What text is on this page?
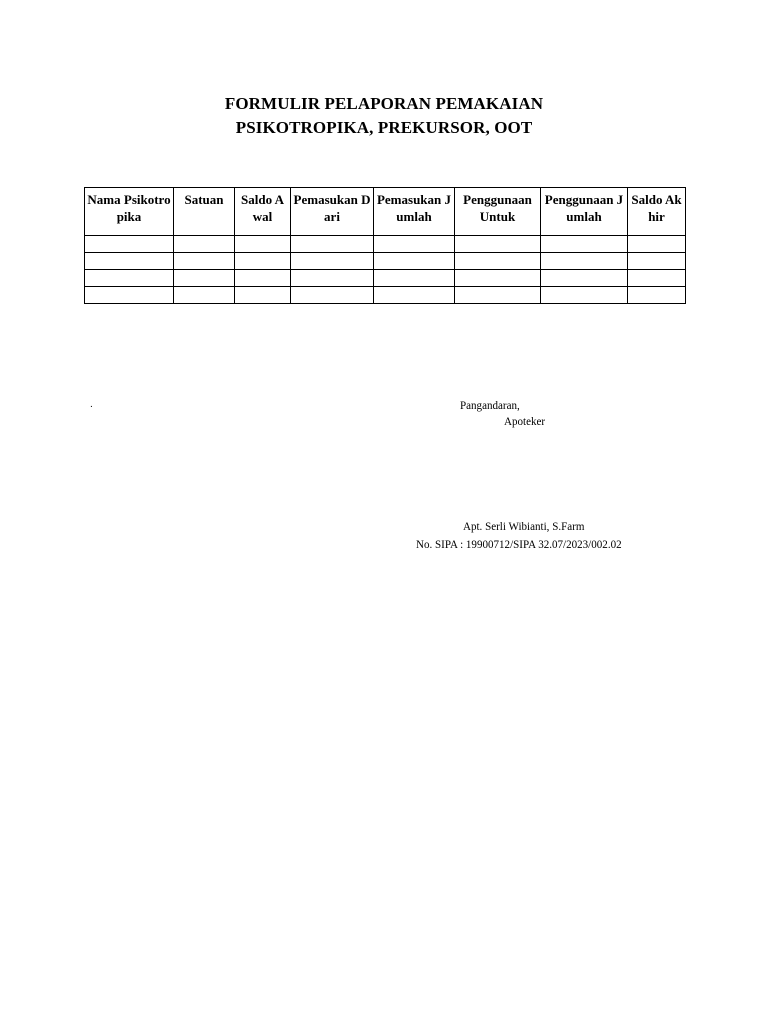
FORMULIR PELAPORAN PEMAKAIAN
PSIKOTROPIKA, PREKURSOR, OOT
Nama Psikotropika	Satuan	Saldo Awal	Pemasukan Dari	Pemasukan Jumlah	Penggunaan Untuk	Penggunaan Jumlah	Saldo Akhir

.	Pangandaran,
Apoteker
Apt. Serli Wibianti, S.Farm
No. SIPA : 19900712/SIPA 32.07/2023/002.02
